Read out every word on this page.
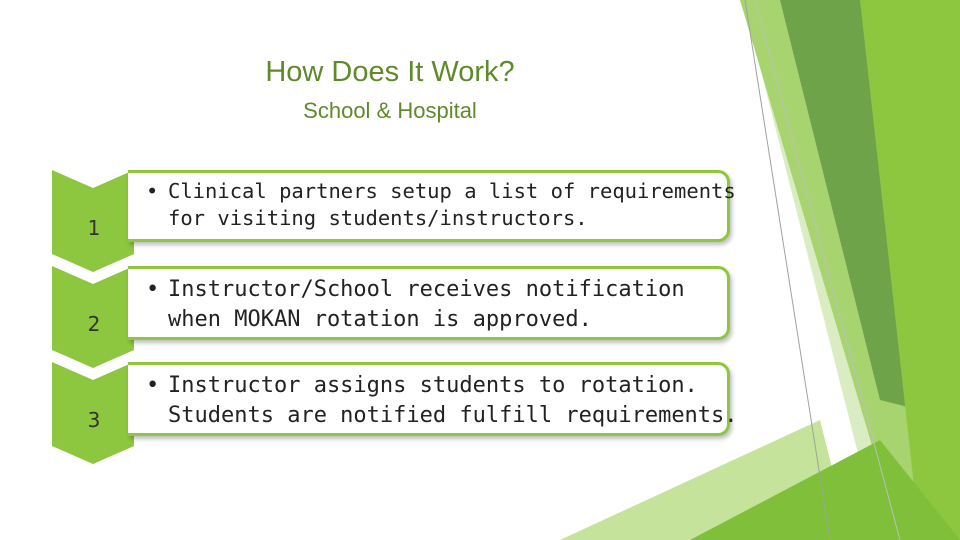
How Does It Work?
School & Hospital
1
• Clinical partners setup a list of requirements
for visiting students/instructors.
2
• Instructor/School receives notification
when MOKAN rotation is approved.
3
• Instructor assigns students to rotation.
Students are notified fulfill requirements.
